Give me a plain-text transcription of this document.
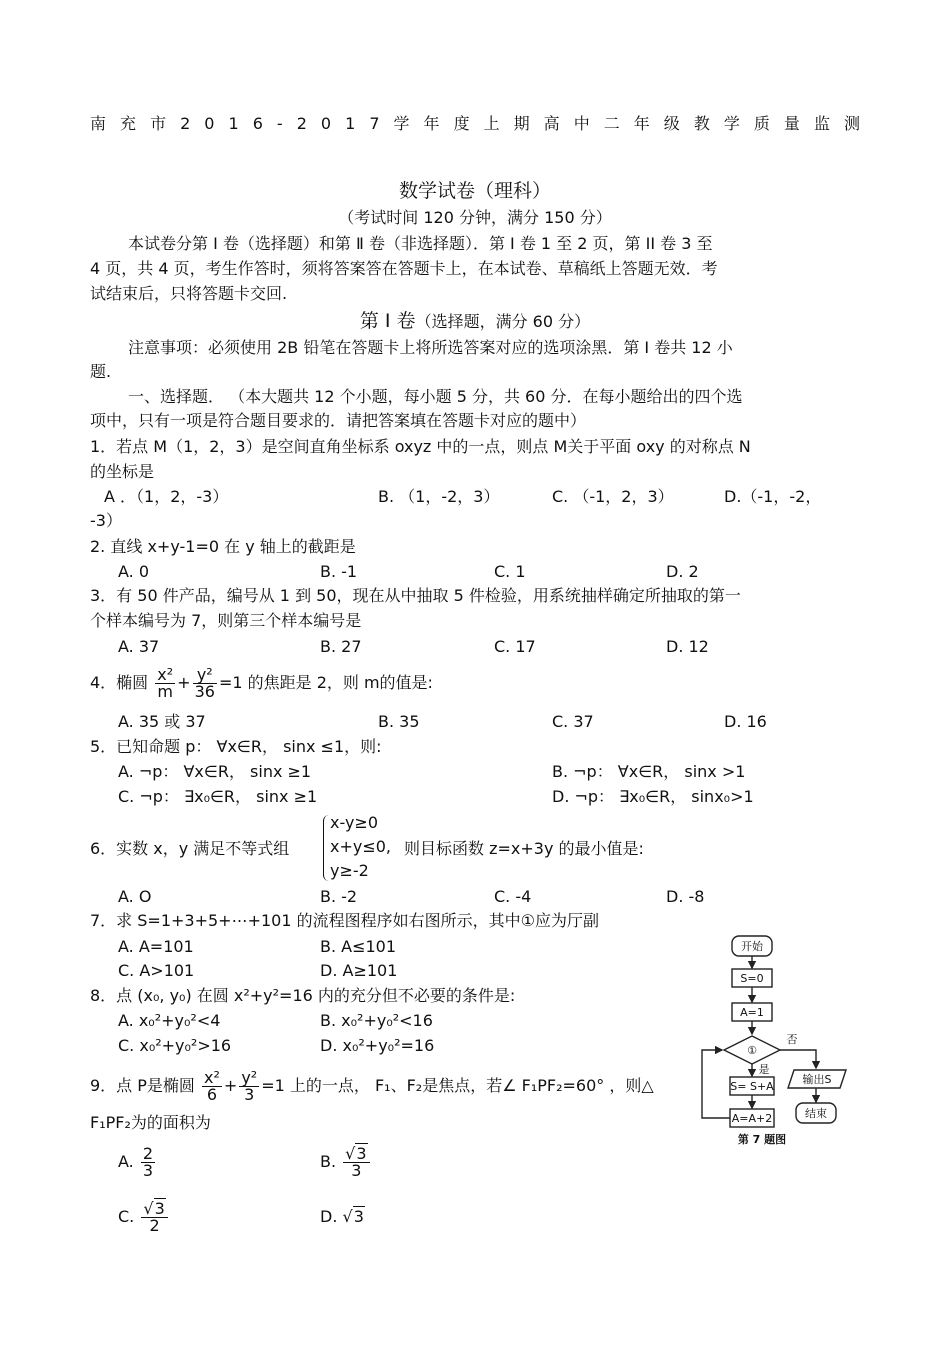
南 充 市 2 0 1 6 - 2 0 1 7 学 年 度 上 期 高 中 二 年 级 教 学 质 量 监 测
数学试卷（理科）
（考试时间 120 分钟，满分 150 分）
本试卷分第 Ⅰ 卷（选择题）和第 Ⅱ 卷（非选择题）．第 Ⅰ 卷 1 至 2 页，第 II 卷 3 至
4 页，共 4 页，考生作答时，须将答案答在答题卡上，在本试卷、草稿纸上答题无效．考
试结束后，只将答题卡交回.
第 I 卷（选择题，满分 60 分）
注意事项：必须使用 2B 铅笔在答题卡上将所选答案对应的选项涂黑．第 Ⅰ 卷共 12 小
题.
一、选择题． （本大题共 12 个小题，每小题 5 分，共 60 分．在每小题给出的四个选
项中，只有一项是符合题目要求的．请把答案填在答题卡对应的题中）
1．若点 M（1，2，3）是空间直角坐标系 oxyz 中的一点，则点 M关于平面 oxy 的对称点 N
的坐标是
A ．（1，2，-3）	B. （1，-2，3）	C. （-1，2，3）	D.（-1，-2，
-3）
2. 直线 x+y-1=0 在 y 轴上的截距是
A. 0	B. -1	C. 1	D. 2
3．有 50 件产品，编号从 1 到 50，现在从中抽取 5 件检验，用系统抽样确定所抽取的第一
个样本编号为 7，则第三个样本编号是
A. 37	B. 27	C. 17	D. 12
4．椭圆 $\frac{\text{x²}}{m} + \frac{\text{y²}}{36} =1$ 的焦距是 2，则 m的值是:
A. 35 或 37	B. 35	C. 37	D. 16
5．已知命题 p： ∀x∈R， sinx ≤1，则:
A. ¬p： ∀x∈R， sinx ≥1	B. ¬p： ∀x∈R， sinx >1
C. ¬p： ∃x₀∈R， sinx ≥1	D. ¬p： ∃x₀∈R， sinx₀>1
6．实数 x，y 满足不等式组
x-y≥0
x+y≤0,
y≥-2
则目标函数 z=x+3y 的最小值是:
A. O	B. -2	C. -4	D. -8
7．求 S=1+3+5+⋯+101 的流程图程序如右图所示，其中①应为厅副
A. A=101	B. A≤101
C. A>101	D. A≥101
8．点 (x₀, y₀) 在圆 x²+y²=16 内的充分但不必要的条件是:
A. x₀²+y₀²<4	B. x₀²+y₀²<16
C. x₀²+y₀²>16	D. x₀²+y₀²=16
9．点 P是椭圆 $\frac{\text{x²}}{6} + \frac{\text{y²}}{3} =1$ 上的一点， F₁、F₂是焦点，若∠ F₁PF₂=60° ，则△
F₁PF₂为的面积为
A. $\frac{2}{3}$	B. $\frac{√3}{3}$
C. $\frac{√3}{2}$	D. √3
开始
S=0
A=1
①
否
是
S= S+A
A=A+2
输出S
结束
第 7 题图
